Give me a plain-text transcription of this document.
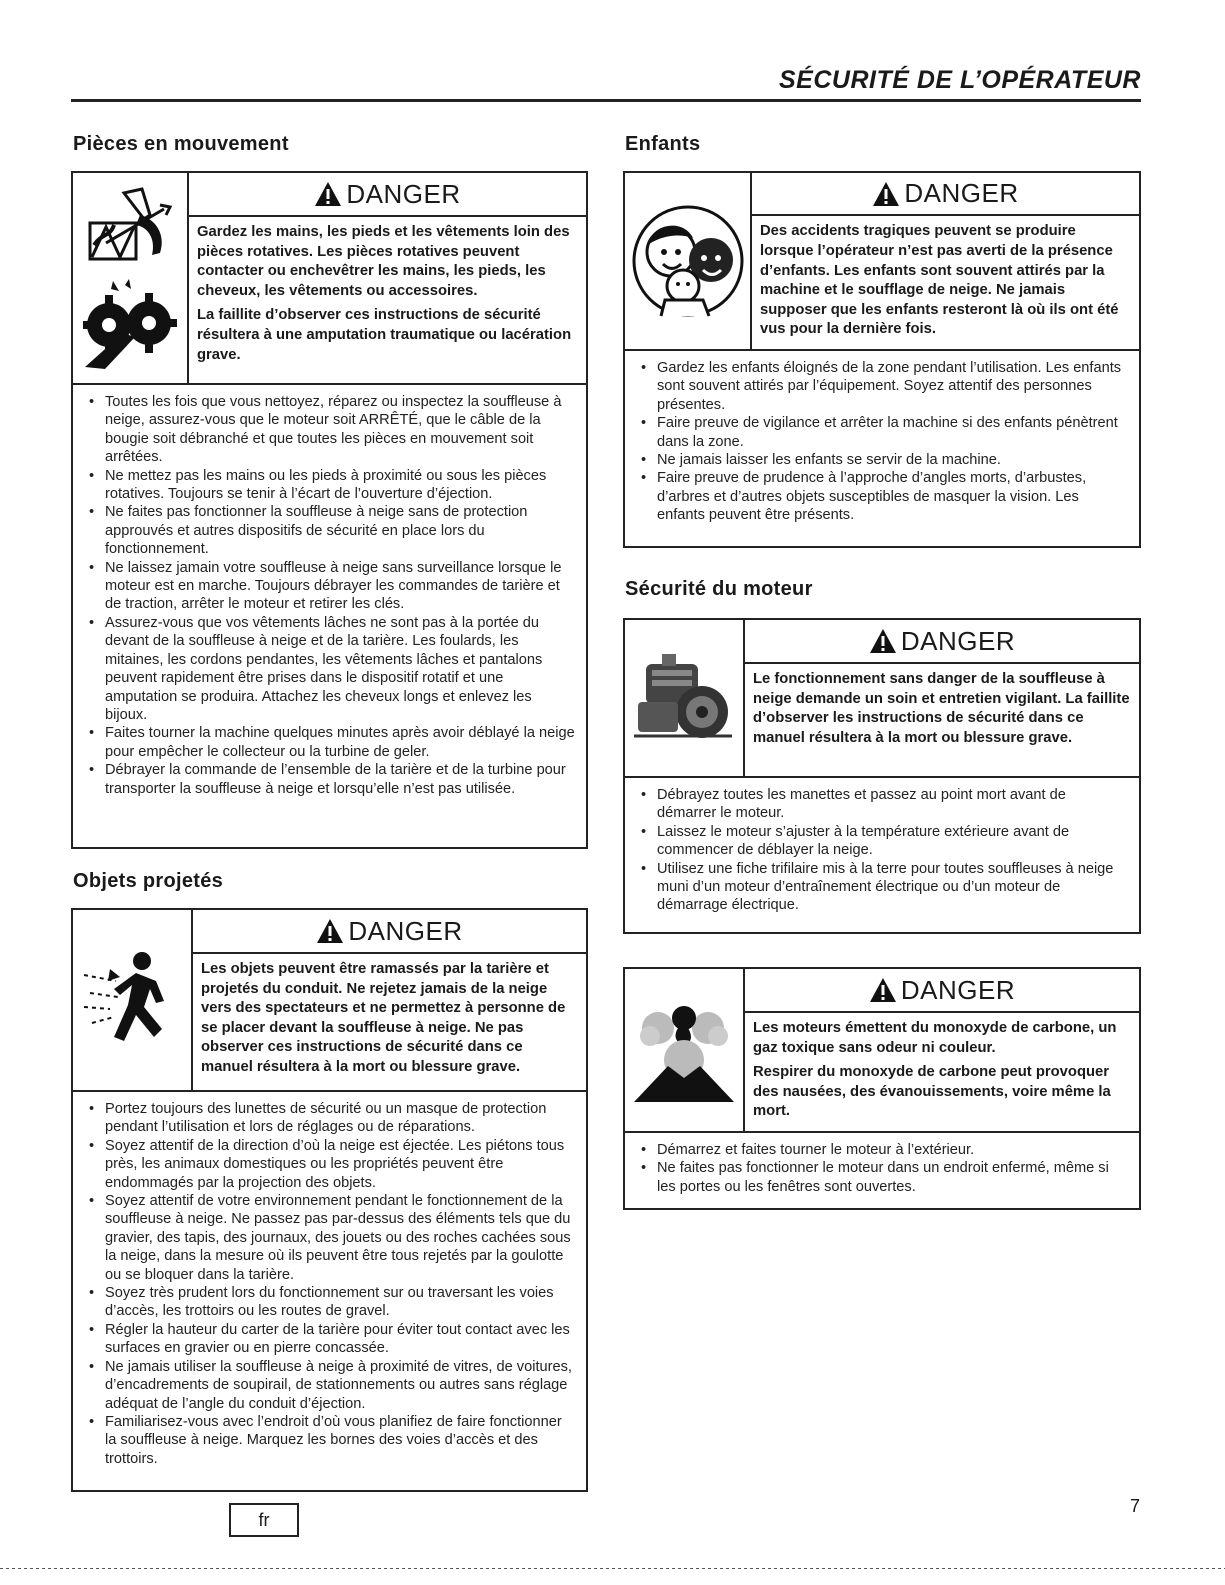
SÉCURITÉ DE L’OPÉRATEUR
Pièces en mouvement
DANGER

Gardez les mains, les pieds et les vêtements loin des pièces rotatives. Les pièces rotatives peuvent contacter ou enchevêtrer les mains, les pieds, les cheveux, les vêtements ou accessoires.

La faillite d’observer ces instructions de sécurité résultera à une amputation traumatique ou lacération grave.

• Toutes les fois que vous nettoyez, réparez ou inspectez la souffleuse à neige, assurez-vous que le moteur soit ARRÊTÉ, que le câble de la bougie soit débranché et que toutes les pièces en mouvement soit arrêtées.
• Ne mettez pas les mains ou les pieds à proximité ou sous les pièces rotatives. Toujours se tenir à l’écart de l’ouverture d’éjection.
• Ne faites pas fonctionner la souffleuse à neige sans de protection approuvés et autres dispositifs de sécurité en place lors du fonctionnement.
• Ne laissez jamain votre souffleuse à neige sans surveillance lorsque le moteur est en marche. Toujours débrayer les commandes de tarière et de traction, arrêter le moteur et retirer les clés.
• Assurez-vous que vos vêtements lâches ne sont pas à la portée du devant de la souffleuse à neige et de la tarière. Les foulards, les mitaines, les cordons pendantes, les vêtements lâches et pantalons peuvent rapidement être prises dans le dispositif rotatif et une amputation se produira. Attachez les cheveux longs et enlevez les bijoux.
• Faites tourner la machine quelques minutes après avoir déblayé la neige pour empêcher le collecteur ou la turbine de geler.
• Débrayer la commande de l’ensemble de la tarière et de la turbine pour transporter la souffleuse à neige et lorsqu’elle n’est pas utilisée.
Objets projetés
DANGER

Les objets peuvent être ramassés par la tarière et projetés du conduit. Ne rejetez jamais de la neige vers des spectateurs et ne permettez à personne de se placer devant la souffleuse à neige. Ne pas observer ces instructions de sécurité dans ce manuel résultera à la mort ou blessure grave.

• Portez toujours des lunettes de sécurité ou un masque de protection pendant l’utilisation et lors de réglages ou de réparations.
• Soyez attentif de la direction d’où la neige est éjectée. Les piétons tous près, les animaux domestiques ou les propriétés peuvent être endommagés par la projection des objets.
• Soyez attentif de votre environnement pendant le fonctionnement de la souffleuse à neige. Ne passez pas par-dessus des éléments tels que du gravier, des tapis, des journaux, des jouets ou des roches cachées sous la neige, dans la mesure où ils peuvent être tous rejetés par la goulotte ou se bloquer dans la tarière.
• Soyez très prudent lors du fonctionnement sur ou traversant les voies d’accès, les trottoirs ou les routes de gravel.
• Régler la hauteur du carter de la tarière pour éviter tout contact avec les surfaces en gravier ou en pierre concassée.
• Ne jamais utiliser la souffleuse à neige à proximité de vitres, de voitures, d’encadrements de soupirail, de stationnements ou autres sans réglage adéquat de l’angle du conduit d’éjection.
• Familiarisez-vous avec l’endroit d’où vous planifiez de faire fonctionner la souffleuse à neige. Marquez les bornes des voies d’accès et des trottoirs.
Enfants
DANGER

Des accidents tragiques peuvent se produire lorsque l’opérateur n’est pas averti de la présence d’enfants. Les enfants sont souvent attirés par la machine et le soufflage de neige. Ne jamais supposer que les enfants resteront là où ils ont été vus pour la dernière fois.

• Gardez les enfants éloignés de la zone pendant l’utilisation. Les enfants sont souvent attirés par l’équipement. Soyez attentif des personnes présentes.
• Faire preuve de vigilance et arrêter la machine si des enfants pénètrent dans la zone.
• Ne jamais laisser les enfants se servir de la machine.
• Faire preuve de prudence à l’approche d’angles morts, d’arbustes, d’arbres et d’autres objets susceptibles de masquer la vision. Les enfants peuvent être présents.
Sécurité du moteur
DANGER

Le fonctionnement sans danger de la souffleuse à neige demande un soin et entretien vigilant. La faillite d’observer les instructions de sécurité dans ce manuel résultera à la mort ou blessure grave.

• Débrayez toutes les manettes et passez au point mort avant de démarrer le moteur.
• Laissez le moteur s’ajuster à la température extérieure avant de commencer de déblayer la neige.
• Utilisez une fiche trifilaire mis à la terre pour toutes souffleuses à neige muni d’un moteur d’entraînement électrique ou d’un moteur de démarrage électrique.
DANGER

Les moteurs émettent du monoxyde de carbone, un gaz toxique sans odeur ni couleur.

Respirer du monoxyde de carbone peut provoquer des nausées, des évanouissements, voire même la mort.

• Démarrez et faites tourner le moteur à l’extérieur.
• Ne faites pas fonctionner le moteur dans un endroit enfermé, même si les portes ou les fenêtres sont ouvertes.
fr
7
